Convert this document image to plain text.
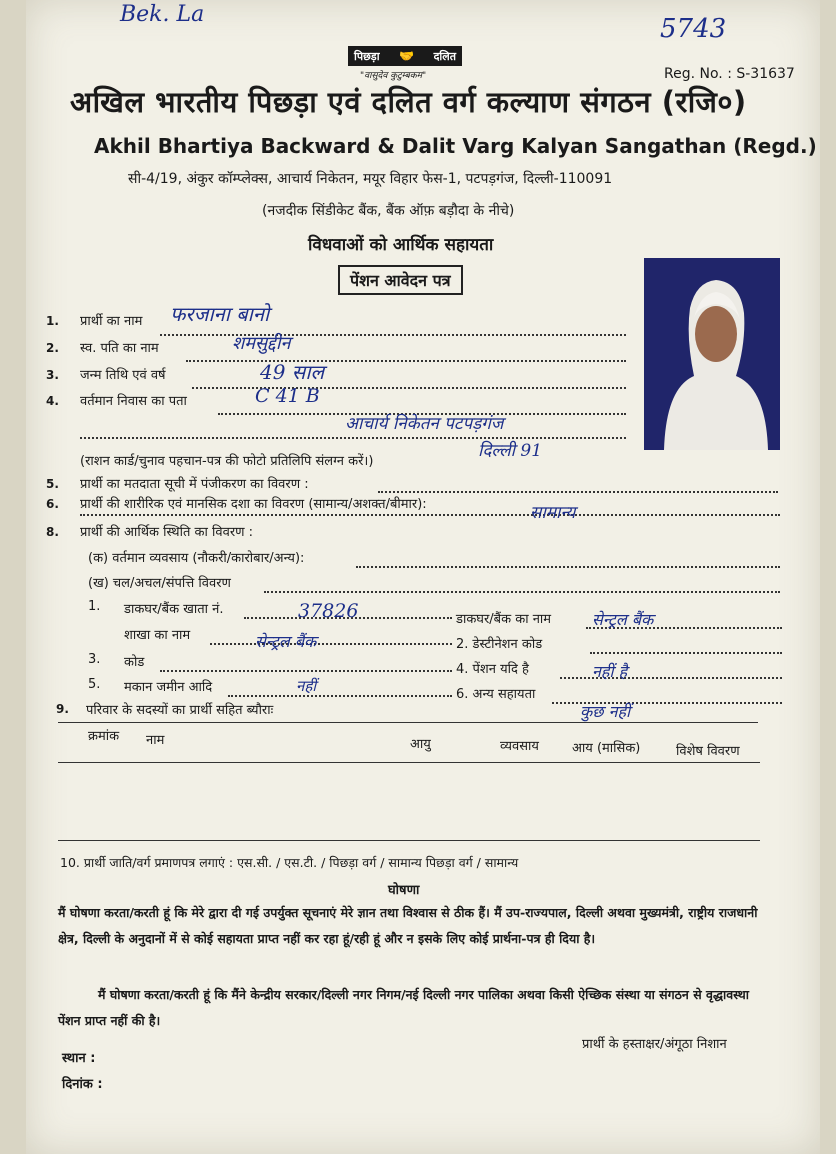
Bek. La	5743
पिछड़ा 🤝 दलित
"वासुदेव कुटुम्बकम"	Reg. No. : S-31637
अखिल भारतीय पिछड़ा एवं दलित वर्ग कल्याण संगठन (रजि०)
Akhil Bhartiya Backward & Dalit Varg Kalyan Sangathan (Regd.)
सी-4/19, अंकुर कॉम्प्लेक्स, आचार्य निकेतन, मयूर विहार फेस-1, पटपड़गंज, दिल्ली-110091
(नजदीक सिंडीकेट बैंक, बैंक ऑफ़ बड़ौदा के नीचे)
विधवाओं को आर्थिक सहायता
पेंशन आवेदन पत्र
1. प्रार्थी का नाम फरजाना बानो
2. स्व. पति का नाम	शमसुद्दीन
3. जन्म तिथि एवं वर्ष	49 साल
4. वर्तमान निवास का पता	C 41 B
आचार्य निकेतन पटपड़गंज
दिल्ली 91
(राशन कार्ड/चुनाव पहचान-पत्र की फोटो प्रतिलिपि संलग्न करें।)
5. प्रार्थी का मतदाता सूची में पंजीकरण का विवरण :
6. प्रार्थी की शारीरिक एवं मानसिक दशा का विवरण (सामान्य/अशक्त/बीमार):	सामान्य
8. प्रार्थी की आर्थिक स्थिति का विवरण :
(क) वर्तमान व्यवसाय (नौकरी/कारोबार/अन्य):
(ख) चल/अचल/संपत्ति विवरण
1. डाकघर/बैंक खाता नं.	37826	डाकघर/बैंक का नाम	सेन्ट्रल बैंक
शाखा का नाम	सेन्ट्रल बैंक	2. डेस्टीनेशन कोड
3. कोड	4. पेंशन यदि है	नहीं है
5. मकान जमीन आदि	नहीं	6. अन्य सहायता
कुछ नहीं
9. परिवार के सदस्यों का प्रार्थी सहित ब्यौराः
क्रमांक नाम	आयु	व्यवसाय	आय (मासिक)	विशेष विवरण
10. प्रार्थी जाति/वर्ग प्रमाणपत्र लगाएं : एस.सी. / एस.टी. / पिछड़ा वर्ग / सामान्य पिछड़ा वर्ग / सामान्य
घोषणा
मैं घोषणा करता/करती हूं कि मेरे द्वारा दी गई उपर्युक्त सूचनाएं मेरे ज्ञान तथा विश्वास से ठीक हैं। मैं उप-राज्यपाल, दिल्ली अथवा मुख्यमंत्री, राष्ट्रीय राजधानी क्षेत्र, दिल्ली के अनुदानों में से कोई सहायता प्राप्त नहीं कर रहा हूं/रही हूं और न इसके लिए कोई प्रार्थना-पत्र ही दिया है।
मैं घोषणा करता/करती हूं कि मैंने केन्द्रीय सरकार/दिल्ली नगर निगम/नई दिल्ली नगर पालिका अथवा किसी ऐच्छिक संस्था या संगठन से वृद्धावस्था पेंशन प्राप्त नहीं की है।
प्रार्थी के हस्ताक्षर/अंगूठा निशान
स्थान :
दिनांक :
